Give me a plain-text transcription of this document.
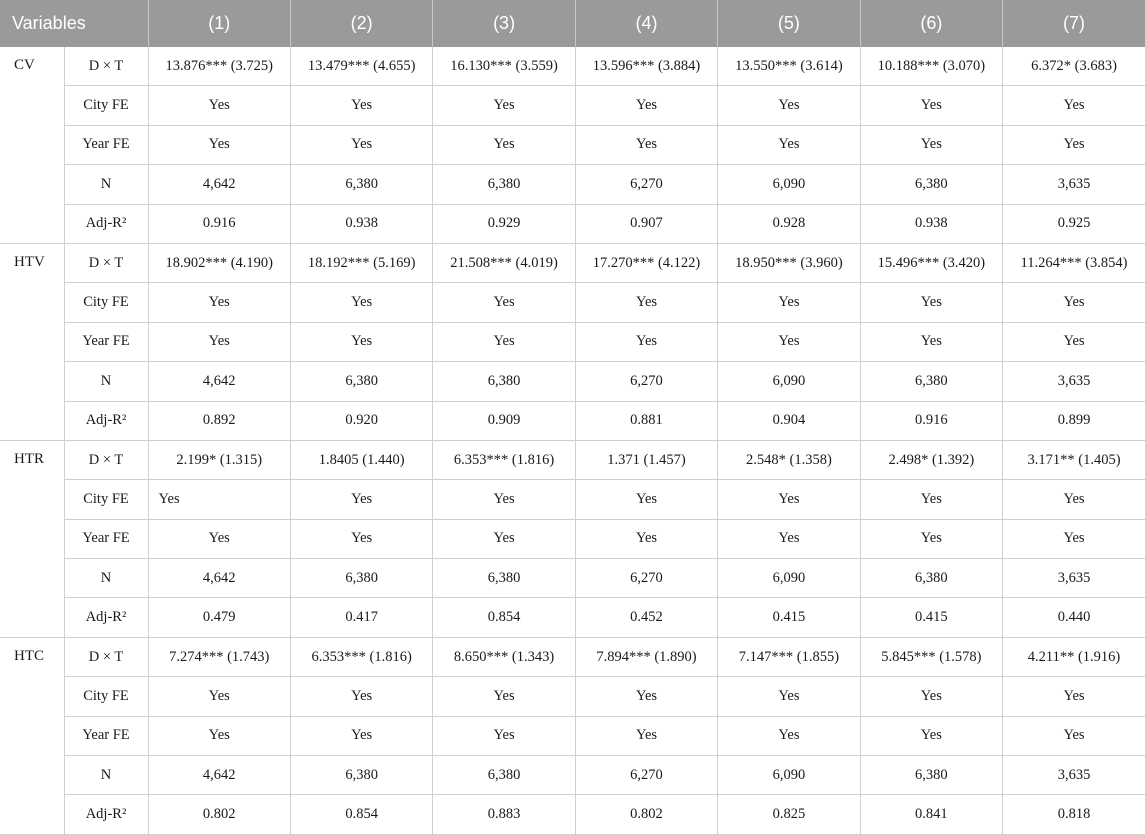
Variables		(1)	(2)	(3)	(4)	(5)	(6)	(7)
CV	D × T	13.876*** (3.725)	13.479*** (4.655)	16.130*** (3.559)	13.596*** (3.884)	13.550*** (3.614)	10.188*** (3.070)	6.372* (3.683)
	City FE	Yes	Yes	Yes	Yes	Yes	Yes	Yes
	Year FE	Yes	Yes	Yes	Yes	Yes	Yes	Yes
	N	4,642	6,380	6,380	6,270	6,090	6,380	3,635
	Adj-R²	0.916	0.938	0.929	0.907	0.928	0.938	0.925
HTV	D × T	18.902*** (4.190)	18.192*** (5.169)	21.508*** (4.019)	17.270*** (4.122)	18.950*** (3.960)	15.496*** (3.420)	11.264*** (3.854)
	City FE	Yes	Yes	Yes	Yes	Yes	Yes	Yes
	Year FE	Yes	Yes	Yes	Yes	Yes	Yes	Yes
	N	4,642	6,380	6,380	6,270	6,090	6,380	3,635
	Adj-R²	0.892	0.920	0.909	0.881	0.904	0.916	0.899
HTR	D × T	2.199* (1.315)	1.8405 (1.440)	6.353*** (1.816)	1.371 (1.457)	2.548* (1.358)	2.498* (1.392)	3.171** (1.405)
	City FE	Yes	Yes	Yes	Yes	Yes	Yes	Yes
	Year FE	Yes	Yes	Yes	Yes	Yes	Yes	Yes
	N	4,642	6,380	6,380	6,270	6,090	6,380	3,635
	Adj-R²	0.479	0.417	0.854	0.452	0.415	0.415	0.440
HTC	D × T	7.274*** (1.743)	6.353*** (1.816)	8.650*** (1.343)	7.894*** (1.890)	7.147*** (1.855)	5.845*** (1.578)	4.211** (1.916)
	City FE	Yes	Yes	Yes	Yes	Yes	Yes	Yes
	Year FE	Yes	Yes	Yes	Yes	Yes	Yes	Yes
	N	4,642	6,380	6,380	6,270	6,090	6,380	3,635
	Adj-R²	0.802	0.854	0.883	0.802	0.825	0.841	0.818
